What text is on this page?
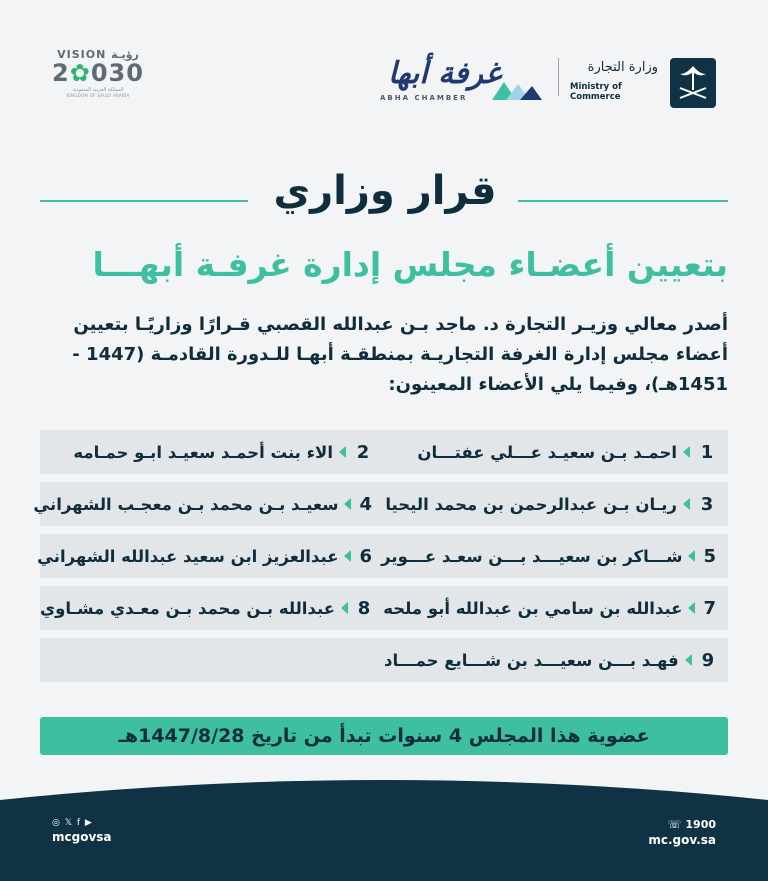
VISION رؤيـة
2✿030
المملكة العربية السعودية
KINGDOM OF SAUDI ARABIA
غرفة أبها
ABHA CHAMBER
وزارة التجارة
Ministry of Commerce
قرار وزاري
بتعيين أعضـاء مجلس إدارة غرفـة أبهـــا
أصدر معالي وزيـر التجارة د. ماجد بـن عبدالله القصبي قـرارًا وزاريًـا بتعيين أعضاء مجلس إدارة الغرفة التجاريـة بمنطقـة أبهـا للـدورة القادمـة (1447 - 1451هـ)، وفيما يلي الأعضاء المعينون:
1
احمـد بـن سعيـد عـــلي عفتـــان
2
الاء بنت أحمـد سعيـد ابـو حمـامه
3
ريـان بـن عبدالرحمن بن محمد اليحيا
4
سعيـد بـن محمد بـن معجـب الشهراني
5
شـــاكر بن سعيـــد بـــن سعـد عـــوير
6
عبدالعزيز ابن سعيد عبدالله الشهراني
7
عبدالله بن سامي بن عبدالله أبو ملحه
8
عبدالله بـن محمد بـن معـدي مشـاوي
9
فهـد بـــن سعيـــد بن شـــايع حمـــاد
عضوية هذا المجلس 4 سنوات تبدأ من تاريخ 1447/8/28هـ
◎ 𝕏 f ▶
mcgovsa
☏ 1900
mc.gov.sa
